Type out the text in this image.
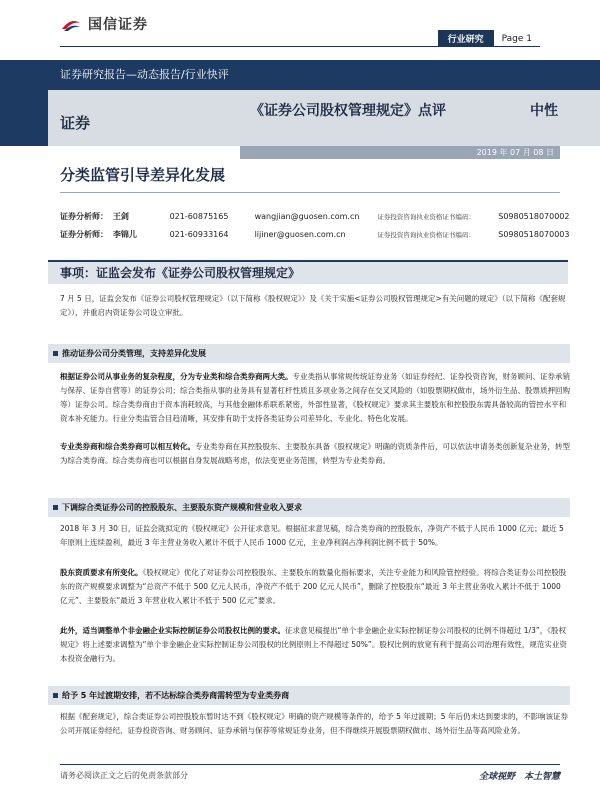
国信证券
行业研究	Page 1
证券研究报告—动态报告/行业快评
证券
《证券公司股权管理规定》点评	中性
2019 年 07 月 08 日
分类监管引导差异化发展
证券分析师： 王剑	021-60875165	wangjian@guosen.com.cn	证券投资咨询执业资格证书编码：	S0980518070002
证券分析师： 李锦儿	021-60933164	lijiner@guosen.com.cn	证券投资咨询执业资格证书编码：	S0980518070003
事项：证监会发布《证券公司股权管理规定》

7 月 5 日，证监会发布《证券公司股权管理规定》（以下简称《股权规定》）及《关于实施<证券公司股权管理规定>有关问题的规定》（以下简称《配套规定》），并重启内资证券公司设立审批。

推动证券公司分类管理，支持差异化发展

根据证券公司从事业务的复杂程度，分为专业类和综合类券商两大类。专业类指从事常规传统证券业务（如证券经纪、证券投资咨询，财务顾问、证券承销与保荐、证券自营等）的证券公司；综合类指从事的业务具有显著杠杆性质且多项业务之间存在交叉风险的（如股票期权做市，场外衍生品、股票质押回购等）证券公司。综合类券商由于资本消耗较高，与其他金融体系联系紧密，外部性显著，《股权规定》要求其主要股东和控股股东需具备较高的管控水平和资本补充能力。行业分类监管合目趋清晰，其安排有助于支持各类证券公司差异化、专业化、特色化发展。

专业类券商和综合类券商可以相互转化。专业类券商在其控股股东、主要股东具备《股权规定》明确的资质条件后，可以依法申请务类创新复杂业务，转型为综合类券商。综合类券商也可以根据自身发展战略考虑，依法变更业务范围，转型为专业类券商。

下调综合类证券公司的控股股东、主要股东资产规模和营业收入要求

2018 年 3 月 30 日，证监会就拟定的《股权规定》公开征求意见。根据征求意见稿，综合类券商的控股股东，净资产不低于人民币 1000 亿元；最近 5 年原则上连续盈利，最近 3 年主营业务收入累计不低于人民币 1000 亿元，主业净利润占净利润比例不低于 50%。

股东资质要求有所变化。《股权规定》优化了对证券公司控股股东、主要股东的数量化指标要求，关注专业能力和风险管控经验。将综合类证券公司控股股东的资产规模要求调整为“总资产不低于 500 亿元人民币，净资产不低于 200 亿元人民币”，删除了控股股东“最近 3 年主营业务收入累计不低于 1000 亿元”、主要股东“最近 3 年营业收入累计不低于 500 亿元”要求。

此外，适当调整单个非金融企业实际控制证券公司股权比例的要求。征求意见稿提出“单个非金融企业实际控制证券公司股权的比例不得超过 1/3”，《股权规定》将上述要求调整为“单个非金融企业实际控制证券公司股权的比例原则上不得超过 50%”。股权比例的放宽有利于提高公司治理有效性，规范实业资本投资金融行为。

给予 5 年过渡期安排，若不达标综合类券商需转型为专业类券商

根据《配套规定》，综合类证券公司控股股东暂时达不到《股权规定》明确的资产规模等条件的，给予 5 年过渡期；5 年后仍未达到要求的，不影响该证券公司开展证券经纪、证券投资咨询、财务顾问、证券承销与保荐等常规证券业务，但不得继续开展股票期权做市、场外衍生品等高风险业务。

请务必阅读正文之后的免责条款部分	全球视野　本土智慧
